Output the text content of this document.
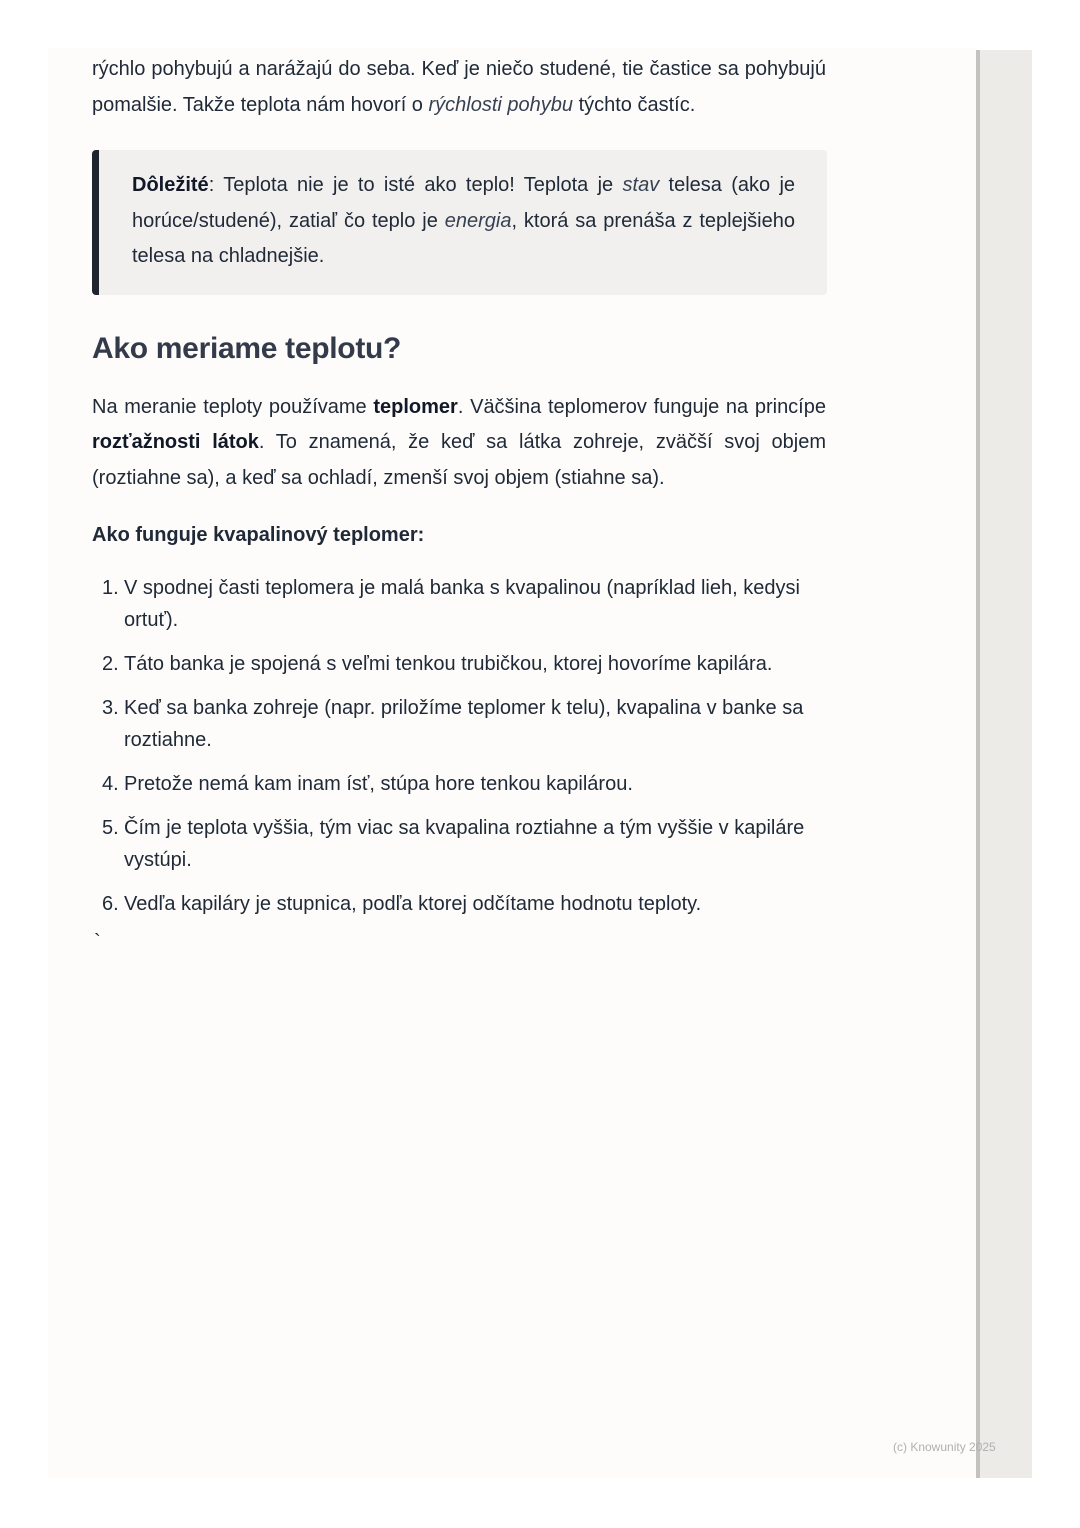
rýchlo pohybujú a narážajú do seba. Keď je niečo studené, tie častice sa pohybujú pomalšie. Takže teplota nám hovorí o rýchlosti pohybu týchto častíc.

Dôležité: Teplota nie je to isté ako teplo! Teplota je stav telesa (ako je horúce/studené), zatiaľ čo teplo je energia, ktorá sa prenáša z teplejšieho telesa na chladnejšie.

Ako meriame teplotu?

Na meranie teploty používame teplomer. Väčšina teplomerov funguje na princípe rozťažnosti látok. To znamená, že keď sa látka zohreje, zväčší svoj objem (roztiahne sa), a keď sa ochladí, zmenší svoj objem (stiahne sa).

Ako funguje kvapalinový teplomer:
1. V spodnej časti teplomera je malá banka s kvapalinou (napríklad lieh, kedysi ortuť).
2. Táto banka je spojená s veľmi tenkou trubičkou, ktorej hovoríme kapilára.
3. Keď sa banka zohreje (napr. priložíme teplomer k telu), kvapalina v banke sa roztiahne.
4. Pretože nemá kam inam ísť, stúpa hore tenkou kapilárou.
5. Čím je teplota vyššia, tým viac sa kvapalina roztiahne a tým vyššie v kapiláre vystúpi.
6. Vedľa kapiláry je stupnica, podľa ktorej odčítame hodnotu teploty.
`
(c) Knowunity 2025
